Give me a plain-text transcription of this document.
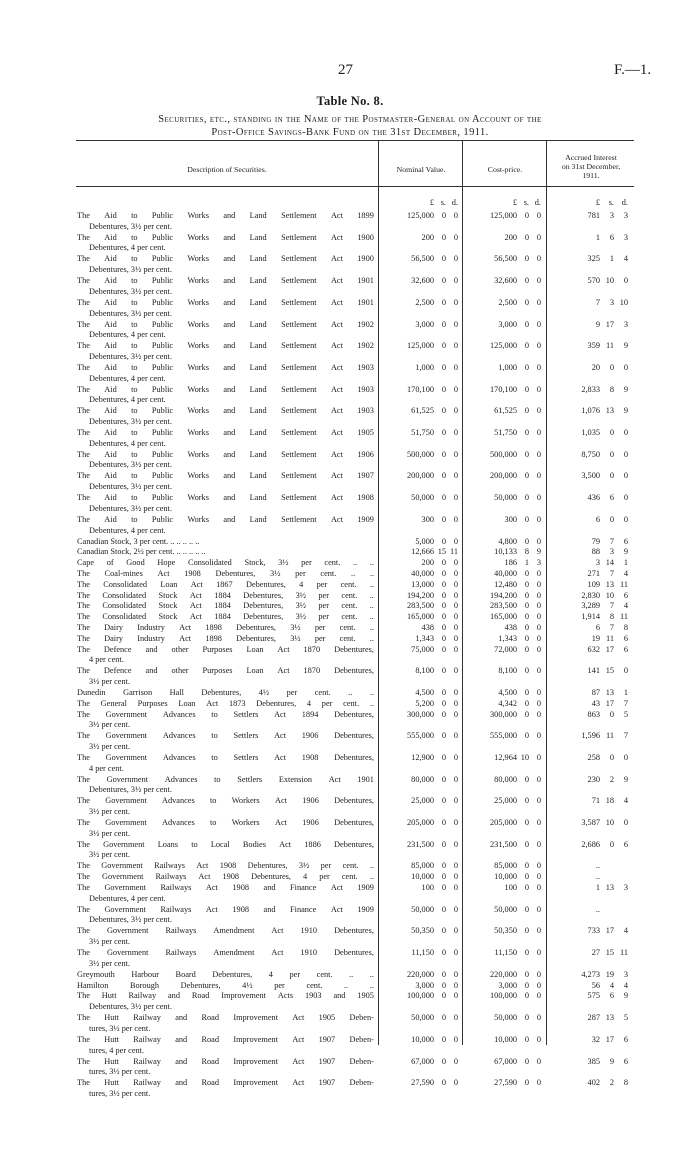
27	F.—1.
Table No. 8.
Securities, etc., standing in the Name of the Postmaster-General on Account of the
Post-Office Savings-Bank Fund on the 31st December, 1911.
Description of Securities.	Nominal Value.	Cost-price.
Accrued Interest
on 31st December,
1911.
£ s. d.	£ s. d.	£	s. d.
The Aid to Public Works and Land Settlement Act 1899
Debentures, 3½ per cent.
125,000 0 0	125,000 0 0	781	3	3
The Aid to Public Works and Land Settlement Act 1900
Debentures, 4 per cent.
200 0 0	200 0 0	1	6	3
The Aid to Public Works and Land Settlement Act 1900
Debentures, 3½ per cent.
56,500 0 0	56,500 0 0	325	1	4
The Aid to Public Works and Land Settlement Act 1901
Debentures, 3½ per cent.
32,600 0 0	32,600 0 0	570 10	0
The Aid to Public Works and Land Settlement Act 1901
Debentures, 3½ per cent.
2,500 0 0	2,500 0 0	7	3 10
The Aid to Public Works and Land Settlement Act 1902
Debentures, 4 per cent.
3,000 0 0	3,000 0 0	9 17	3
The Aid to Public Works and Land Settlement Act 1902
Debentures, 3½ per cent.
125,000 0 0	125,000 0 0	359 11	9
The Aid to Public Works and Land Settlement Act 1903
Debentures, 4 per cent.
1,000 0 0	1,000 0 0	20	0	0
The Aid to Public Works and Land Settlement Act 1903
Debentures, 4 per cent.
170,100 0 0	170,100 0 0	2,833	8	9
The Aid to Public Works and Land Settlement Act 1903
Debentures, 3½ per cent.
61,525 0 0	61,525 0 0	1,076 13	9
The Aid to Public Works and Land Settlement Act 1905
Debentures, 4 per cent.
51,750 0 0	51,750 0 0	1,035	0	0
The Aid to Public Works and Land Settlement Act 1906
Debentures, 3½ per cent.
500,000 0 0	500,000 0 0	8,750	0	0
The Aid to Public Works and Land Settlement Act 1907
Debentures, 3½ per cent.
200,000 0 0	200,000 0 0	3,500	0	0
The Aid to Public Works and Land Settlement Act 1908
Debentures, 3½ per cent.
50,000 0 0	50,000 0 0	436	6	0
The Aid to Public Works and Land Settlement Act 1909
Debentures, 4 per cent.
300 0 0	300 0 0	6	0	0
Canadian Stock, 3 per cent. .. .. .. .. ..	5,000 0 0	4,800 0 0	79	7	6
Canadian Stock, 2½ per cent. .. .. .. .. ..	12,666 15 11	10,133 8 9	88	3	9
Cape of Good Hope Consolidated Stock, 3½ per cent. .. ..	200 0 0	186 1 3	3 14	1
The Coal-mines Act 1908 Debentures, 3½ per cent. .. ..	40,000 0 0	40,000 0 0	271	7	4
The Consolidated Loan Act 1867 Debentures, 4 per cent. ..	13,000 0 0	12,480 0 0	109 13 11
The Consolidated Stock Act 1884 Debentures, 3½ per cent. ..	194,200 0 0	194,200 0 0	2,830 10	6
The Consolidated Stock Act 1884 Debentures, 3½ per cent. ..	283,500 0 0	283,500 0 0	3,289	7	4
The Consolidated Stock Act 1884 Debentures, 3½ per cent. ..	165,000 0 0	165,000 0 0	1,914	8 11
The Dairy Industry Act 1898 Debentures, 3½ per cent. ..	438 0 0	438 0 0	6	7	8
The Dairy Industry Act 1898 Debentures, 3½ per cent. ..	1,343 0 0	1,343 0 0	19 11	6
The Defence and other Purposes Loan Act 1870 Debentures,
4 per cent.
75,000 0 0	72,000 0 0	632 17	6
The Defence and other Purposes Loan Act 1870 Debentures,
3½ per cent.
8,100 0 0	8,100 0 0	141 15	0
Dunedin Garrison Hall Debentures, 4½ per cent. .. ..	4,500 0 0	4,500 0 0	87 13	1
The General Purposes Loan Act 1873 Debentures, 4 per cent. ..	5,200 0 0	4,342 0 0	43 17	7
The Government Advances to Settlers Act 1894 Debentures,
3½ per cent.
300,000 0 0	300,000 0 0	863	0	5
The Government Advances to Settlers Act 1906 Debentures,
3½ per cent.
555,000 0 0	555,000 0 0	1,596 11	7
The Government Advances to Settlers Act 1908 Debentures,
4 per cent.
12,900 0 0	12,964 10 0	258	0	0
The Government Advances to Settlers Extension Act 1901
Debentures, 3½ per cent.
80,000 0 0	80,000 0 0	230	2	9
The Government Advances to Workers Act 1906 Debentures,
3½ per cent.
25,000 0 0	25,000 0 0	71 18	4
The Government Advances to Workers Act 1906 Debentures,
3½ per cent.
205,000 0 0	205,000 0 0	3,587 10	0
The Government Loans to Local Bodies Act 1886 Debentures,
3½ per cent.
231,500 0 0	231,500 0 0	2,686	0	6
The Government Railways Act 1908 Debentures, 3½ per cent. ..	85,000 0 0	85,000 0 0	..
The Government Railways Act 1908 Debentures, 4 per cent. ..	10,000 0 0	10,000 0 0	..
The Government Railways Act 1908 and Finance Act 1909
Debentures, 4 per cent.
100 0 0	100 0 0	1 13	3
The Government Railways Act 1908 and Finance Act 1909
Debentures, 3½ per cent.
50,000 0 0	50,000 0 0	..
The Government Railways Amendment Act 1910 Debentures,
3½ per cent.
50,350 0 0	50,350 0 0	733 17	4
The Government Railways Amendment Act 1910 Debentures,
3½ per cent.
11,150 0 0	11,150 0 0	27 15 11
Greymouth Harbour Board Debentures, 4 per cent. .. ..	220,000 0 0	220,000 0 0	4,273 19	3
Hamilton	Borough	Debentures,	4½	per	cent.	..	..	3,000 0 0	3,000 0 0	56	4	4
The Hutt Railway and Road Improvement Acts 1903 and 1905
Debentures, 3½ per cent.
100,000 0 0	100,000 0 0	575	6	9
The Hutt Railway and Road Improvement Act 1905 Deben-
tures, 3½ per cent.
50,000 0 0	50,000 0 0	287 13	5
The Hutt Railway and Road Improvement Act 1907 Deben-
tures, 4 per cent.
10,000 0 0	10,000 0 0	32 17	6
The Hutt Railway and Road Improvement Act 1907 Deben-
tures, 3½ per cent.
67,000 0 0	67,000 0 0	385	9	6
The Hutt Railway and Road Improvement Act 1907 Deben-
tures, 3½ per cent.
27,590 0 0	27,590 0 0	402	2	8
